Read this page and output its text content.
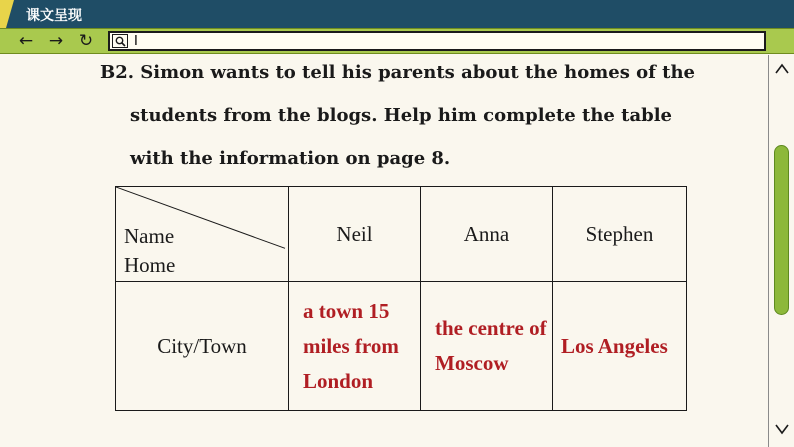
课文呈现
← → ↻
I
B2. Simon wants to tell his parents about the homes of the
students from the blogs. Help him complete the table
with the information on page 8.
Name
Home	Neil	Anna	Stephen
City/Town	a town 15 miles from London	the centre of Moscow	Los Angeles
